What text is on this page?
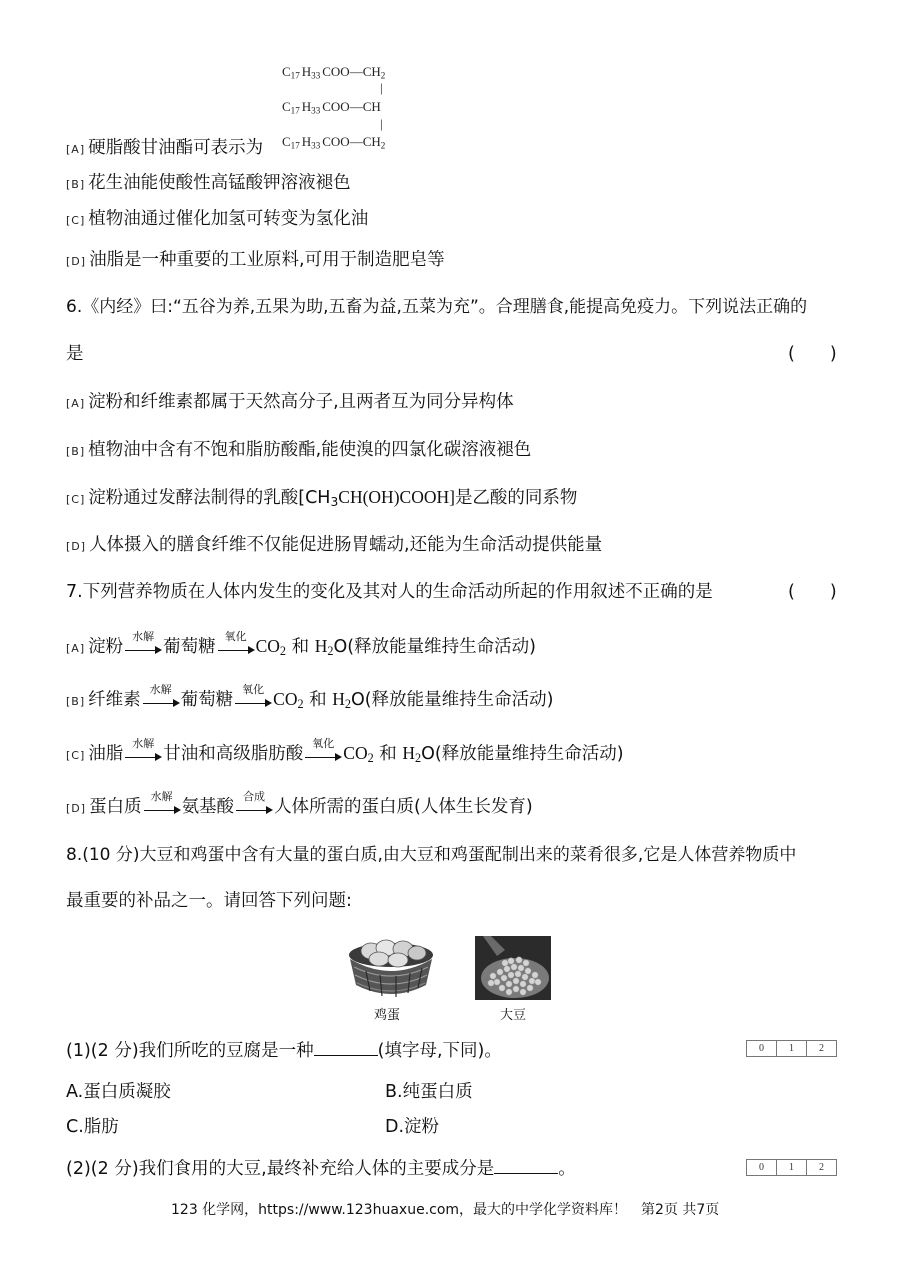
$C_{17}$ $H_{33}$ $COO—CH_2$
|
$C_{17}$ $H_{33}$ COO—CH
|
$C_{17}$ $H_{33}$ $COO—CH_2$
[A] 硬脂酸甘油酯可表示为
[B] 花生油能使酸性高锰酸钾溶液褪色
[C] 植物油通过催化加氢可转变为氢化油
[D] 油脂是一种重要的工业原料,可用于制造肥皂等
6.《内经》曰:“五谷为养,五果为助,五畜为益,五菜为充”。合理膳食,能提高免疫力。下列说法正确的
是	(　　)
[A] 淀粉和纤维素都属于天然高分子,且两者互为同分异构体
[B] 植物油中含有不饱和脂肪酸酯,能使溴的四氯化碳溶液褪色
[C] 淀粉通过发酵法制得的乳酸$[CH_3CH(OH)COOH]$是乙酸的同系物
[D] 人体摄入的膳食纤维不仅能促进肠胃蠕动,还能为生命活动提供能量
7.下列营养物质在人体内发生的变化及其对人的生命活动所起的作用叙述不正确的是	(　　)
[A] 淀粉
水解
葡萄糖
氧化 $CO_2$ 和 $H_2O$(释放能量维持生命活动)
[B] 纤维素
水解
葡萄糖
氧化 $CO_2$ 和 $H_2O$(释放能量维持生命活动)
[C] 油脂
水解
甘油和高级脂肪酸
氧化 $CO_2$ 和 $H_2O$(释放能量维持生命活动)
[D] 蛋白质
水解
氨基酸
合成
人体所需的蛋白质(人体生长发育)
8.(10 分)大豆和鸡蛋中含有大量的蛋白质,由大豆和鸡蛋配制出来的菜肴很多,它是人体营养物质中
最重要的补品之一。请回答下列问题:
鸡蛋	大豆
(1)(2 分)我们所吃的豆腐是一种	(填字母,下同)。	0	1	2
A.蛋白质凝胶	B.纯蛋白质
C.脂肪	D.淀粉
(2)(2 分)我们食用的大豆,最终补充给人体的主要成分是	。	0	1	2
123 化学网，https://www.123huaxue.com，最大的中学化学资料库！　第2页 共7页
